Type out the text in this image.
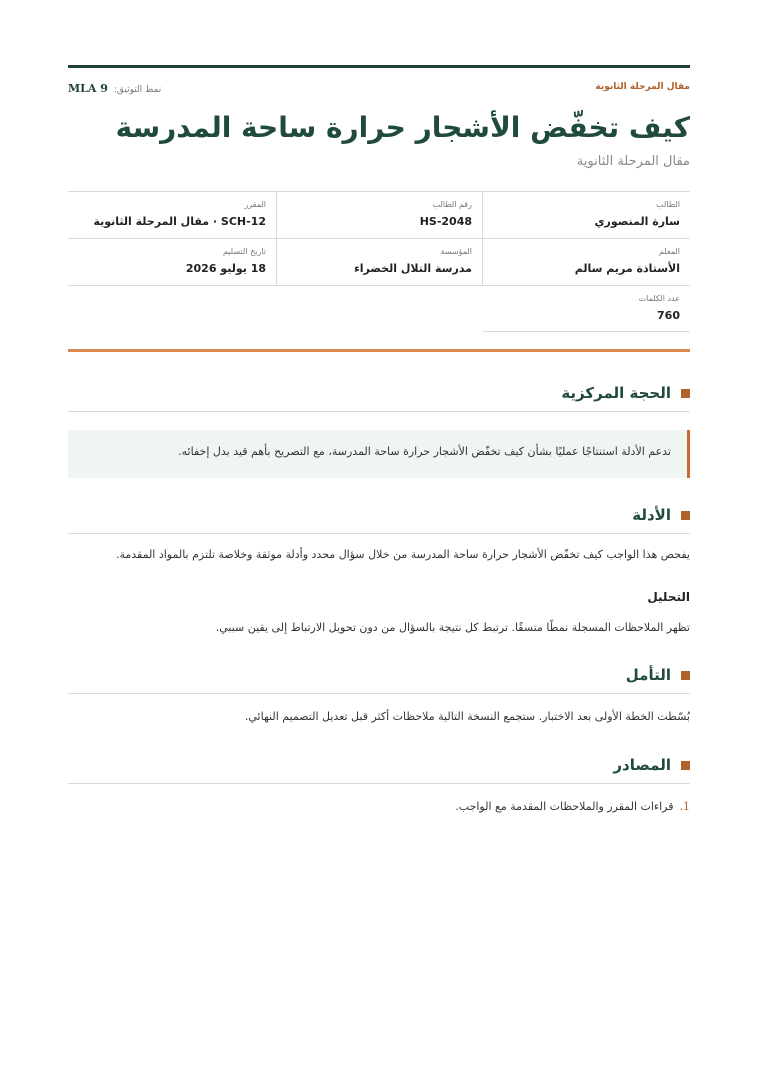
مقال المرحلة الثانوية
نمط التوثيق: MLA 9
كيف تخفّض الأشجار حرارة ساحة المدرسة
مقال المرحلة الثانوية
الطالب
سارة المنصوري
رقم الطالب
HS-2048
المقرر
SCH-12 · مقال المرحلة الثانوية
المعلم
الأستاذة مريم سالم
المؤسسة
مدرسة التلال الخضراء
تاريخ التسليم
18 يوليو 2026
عدد الكلمات
760
الحجة المركزية
تدعم الأدلة استنتاجًا عمليًا بشأن كيف تخفّض الأشجار حرارة ساحة المدرسة، مع التصريح بأهم قيد بدل إخفائه.
الأدلة

يفحص هذا الواجب كيف تخفّض الأشجار حرارة ساحة المدرسة من خلال سؤال محدد وأدلة موثقة وخلاصة تلتزم بالمواد المقدمة.

التحليل

تظهر الملاحظات المسجلة نمطًا متسقًا. ترتبط كل نتيجة بالسؤال من دون تحويل الارتباط إلى يقين سببي.

التأمل

بُسّطت الخطة الأولى بعد الاختبار. ستجمع النسخة التالية ملاحظات أكثر قبل تعديل التصميم النهائي.

المصادر
1.قراءات المقرر والملاحظات المقدمة مع الواجب.
